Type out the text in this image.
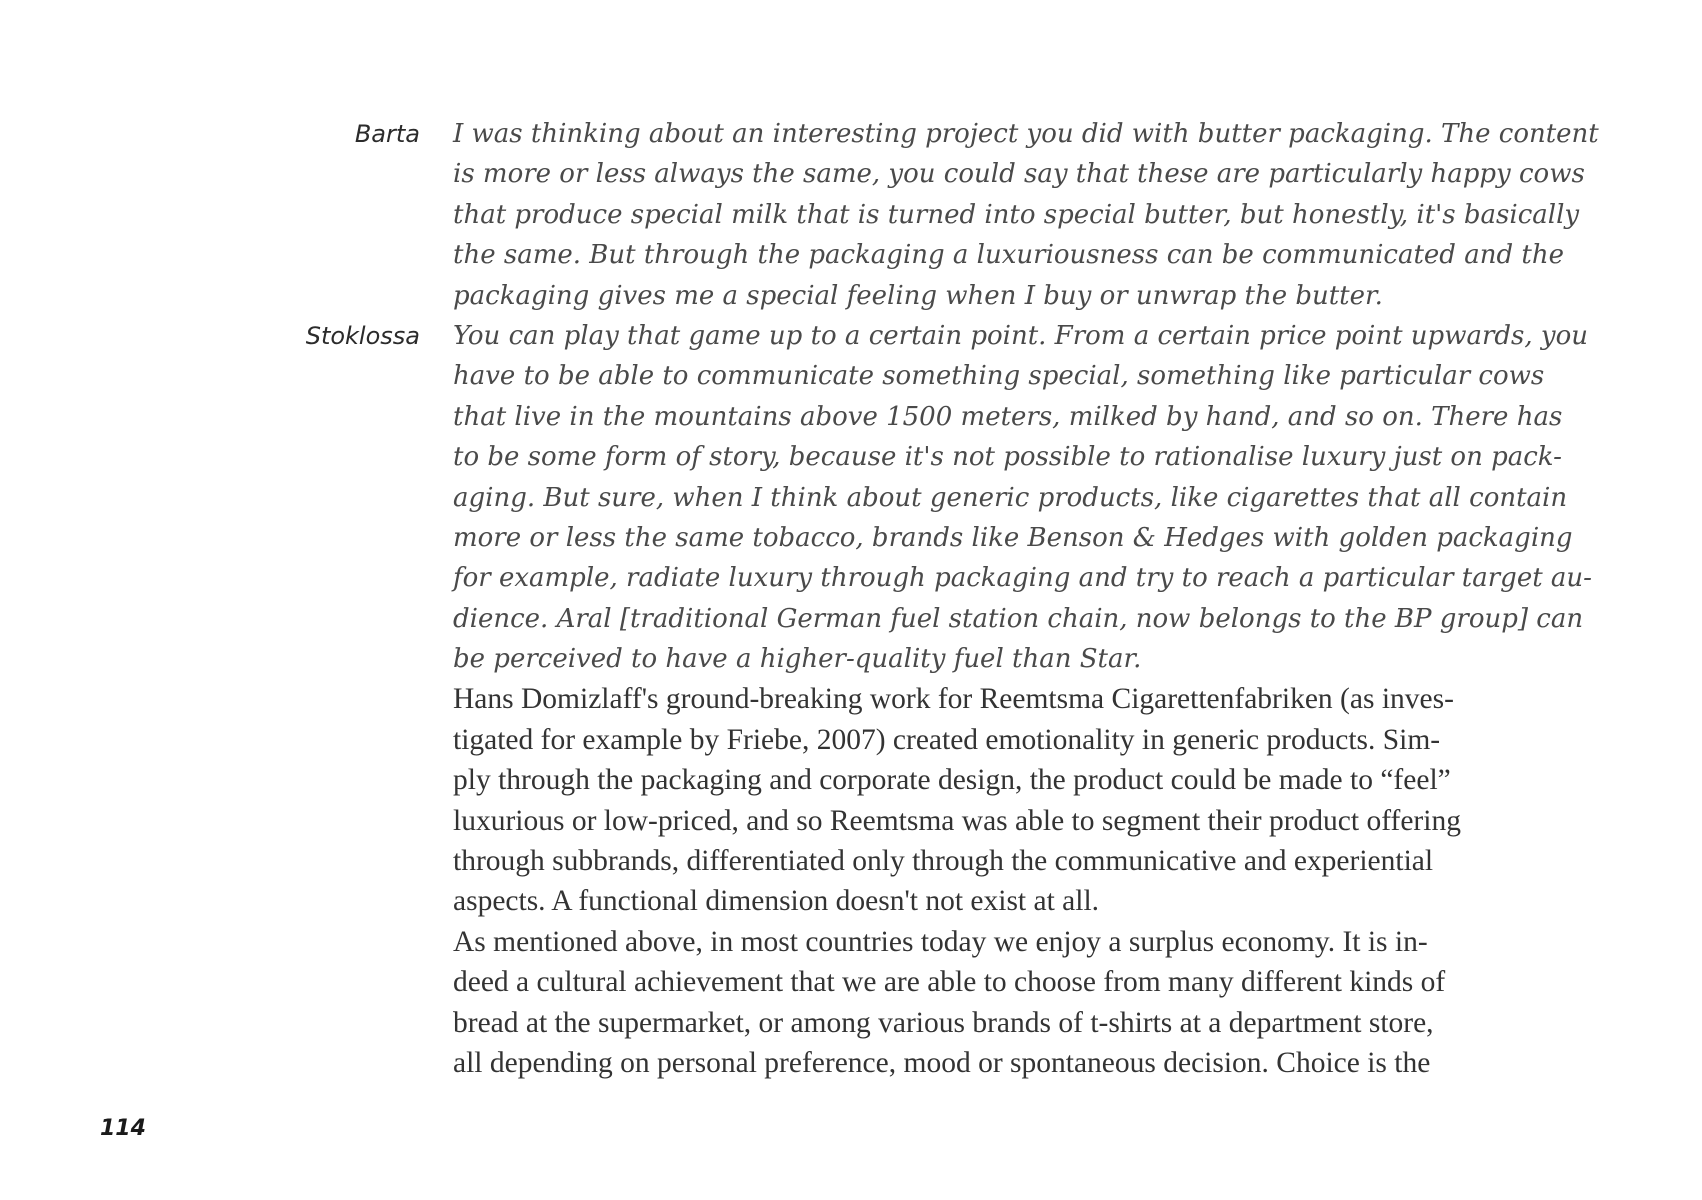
Barta
Stoklossa
I was thinking about an interesting project you did with butter packaging. The content
is more or less always the same, you could say that these are particularly happy cows
that produce special milk that is turned into special butter, but honestly, it's basically
the same. But through the packaging a luxuriousness can be communicated and the
packaging gives me a special feeling when I buy or unwrap the butter.
You can play that game up to a certain point. From a certain price point upwards, you
have to be able to communicate something special, something like particular cows
that live in the mountains above 1500 meters, milked by hand, and so on. There has
to be some form of story, because it's not possible to rationalise luxury just on pack-
aging. But sure, when I think about generic products, like cigarettes that all contain
more or less the same tobacco, brands like Benson & Hedges with golden packaging
for example, radiate luxury through packaging and try to reach a particular target au-
dience. Aral [traditional German fuel station chain, now belongs to the BP group] can
be perceived to have a higher-quality fuel than Star.
Hans Domizlaff's ground-breaking work for Reemtsma Cigarettenfabriken (as inves-
tigated for example by Friebe, 2007) created emotionality in generic products. Sim-
ply through the packaging and corporate design, the product could be made to “feel”
luxurious or low-priced, and so Reemtsma was able to segment their product offering
through subbrands, differentiated only through the communicative and experiential
aspects. A functional dimension doesn't not exist at all.
As mentioned above, in most countries today we enjoy a surplus economy. It is in-
deed a cultural achievement that we are able to choose from many different kinds of
bread at the supermarket, or among various brands of t-shirts at a department store,
all depending on personal preference, mood or spontaneous decision. Choice is the
114
